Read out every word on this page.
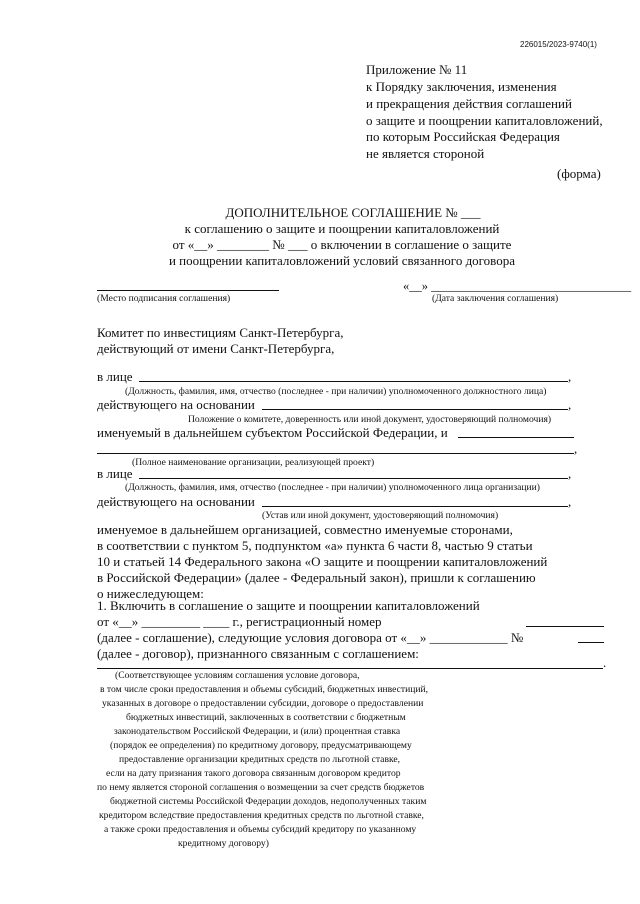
226015/2023-9740(1)
Приложение № 11
к Порядку заключения, изменения
и прекращения действия соглашений
о защите и поощрении капиталовложений,
по которым Российская Федерация
не является стороной
(форма)
ДОПОЛНИТЕЛЬНОЕ СОГЛАШЕНИЕ № ___
к соглашению о защите и поощрении капиталовложений
от «__» ________ № ___ о включении в соглашение о защите
и поощрении капиталовложений условий связанного договора
«__» ________________________________
(Место подписания соглашения)	(Дата заключения соглашения)
Комитет по инвестициям Санкт-Петербурга,
действующий от имени Санкт-Петербурга,
в лице	,
(Должность, фамилия, имя, отчество (последнее - при наличии) уполномоченного должностного лица)
действующего на основании	,
Положение о комитете, доверенность или иной документ, удостоверяющий полномочия)
именуемый в дальнейшем субъектом Российской Федерации, и
,
(Полное наименование организации, реализующей проект)
в лице	,
(Должность, фамилия, имя, отчество (последнее - при наличии) уполномоченного лица организации)
действующего на основании	,
(Устав или иной документ, удостоверяющий полномочия)
именуемое в дальнейшем организацией, совместно именуемые сторонами,
в соответствии с пунктом 5, подпунктом «а» пункта 6 части 8, частью 9 статьи
10 и статьей 14 Федерального закона «О защите и поощрении капиталовложений
в Российской Федерации» (далее - Федеральный закон), пришли к соглашению
о нижеследующем:
1. Включить в соглашение о защите и поощрении капиталовложений
от «__» _________ ____ г., регистрационный номер
(далее - соглашение), следующие условия договора от «__» ____________ №
(далее - договор), признанного связанным с соглашением:
.
(Соответствующее условиям соглашения условие договора,
в том числе сроки предоставления и объемы субсидий, бюджетных инвестиций,
указанных в договоре о предоставлении субсидии, договоре о предоставлении
бюджетных инвестиций, заключенных в соответствии с бюджетным
законодательством Российской Федерации, и (или) процентная ставка
(порядок ее определения) по кредитному договору, предусматривающему
предоставление организации кредитных средств по льготной ставке,
если на дату признания такого договора связанным договором кредитор
по нему является стороной соглашения о возмещении за счет средств бюджетов
бюджетной системы Российской Федерации доходов, недополученных таким
кредитором вследствие предоставления кредитных средств по льготной ставке,
а также сроки предоставления и объемы субсидий кредитору по указанному
кредитному договору)
